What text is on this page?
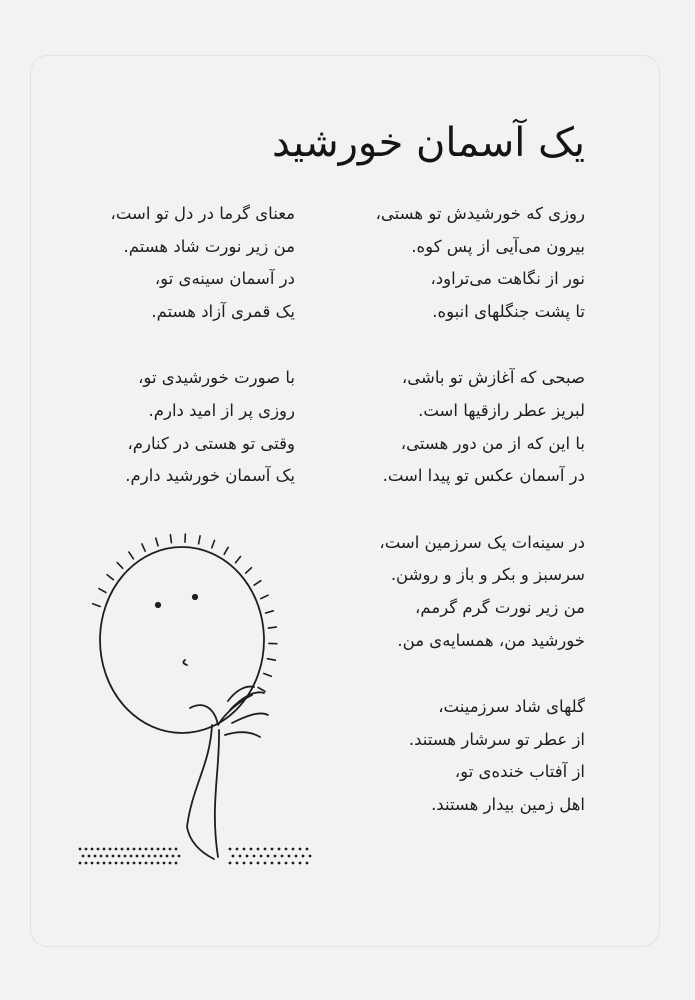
یک آسمان خورشید
روزی که خورشیدش تو هستی،
بیرون می‌آیی از پس کوه.
نور از نگاهت می‌تراود،
تا پشت جنگلهای انبوه.
صبحی که آغازش تو باشی،
لبریز عطر رازقیها است.
با این که از من دور هستی،
در آسمان عکس تو پیدا است.
در سینه‌ات یک سرزمین است،
سرسبز و بکر و باز و روشن.
من زیر نورت گرم گرمم،
خورشید من، همسایه‌ی من.
گلهای شاد سرزمینت،
از عطر تو سرشار هستند.
از آفتاب خنده‌ی تو،
اهل زمین بیدار هستند.
معنای گرما در دل تو است،
من زیر نورت شاد هستم.
در آسمان سینه‌ی تو،
یک قمری آزاد هستم.
با صورت خورشیدی تو،
روزی پر از امید دارم.
وقتی تو هستی در کنارم،
یک آسمان خورشید دارم.
